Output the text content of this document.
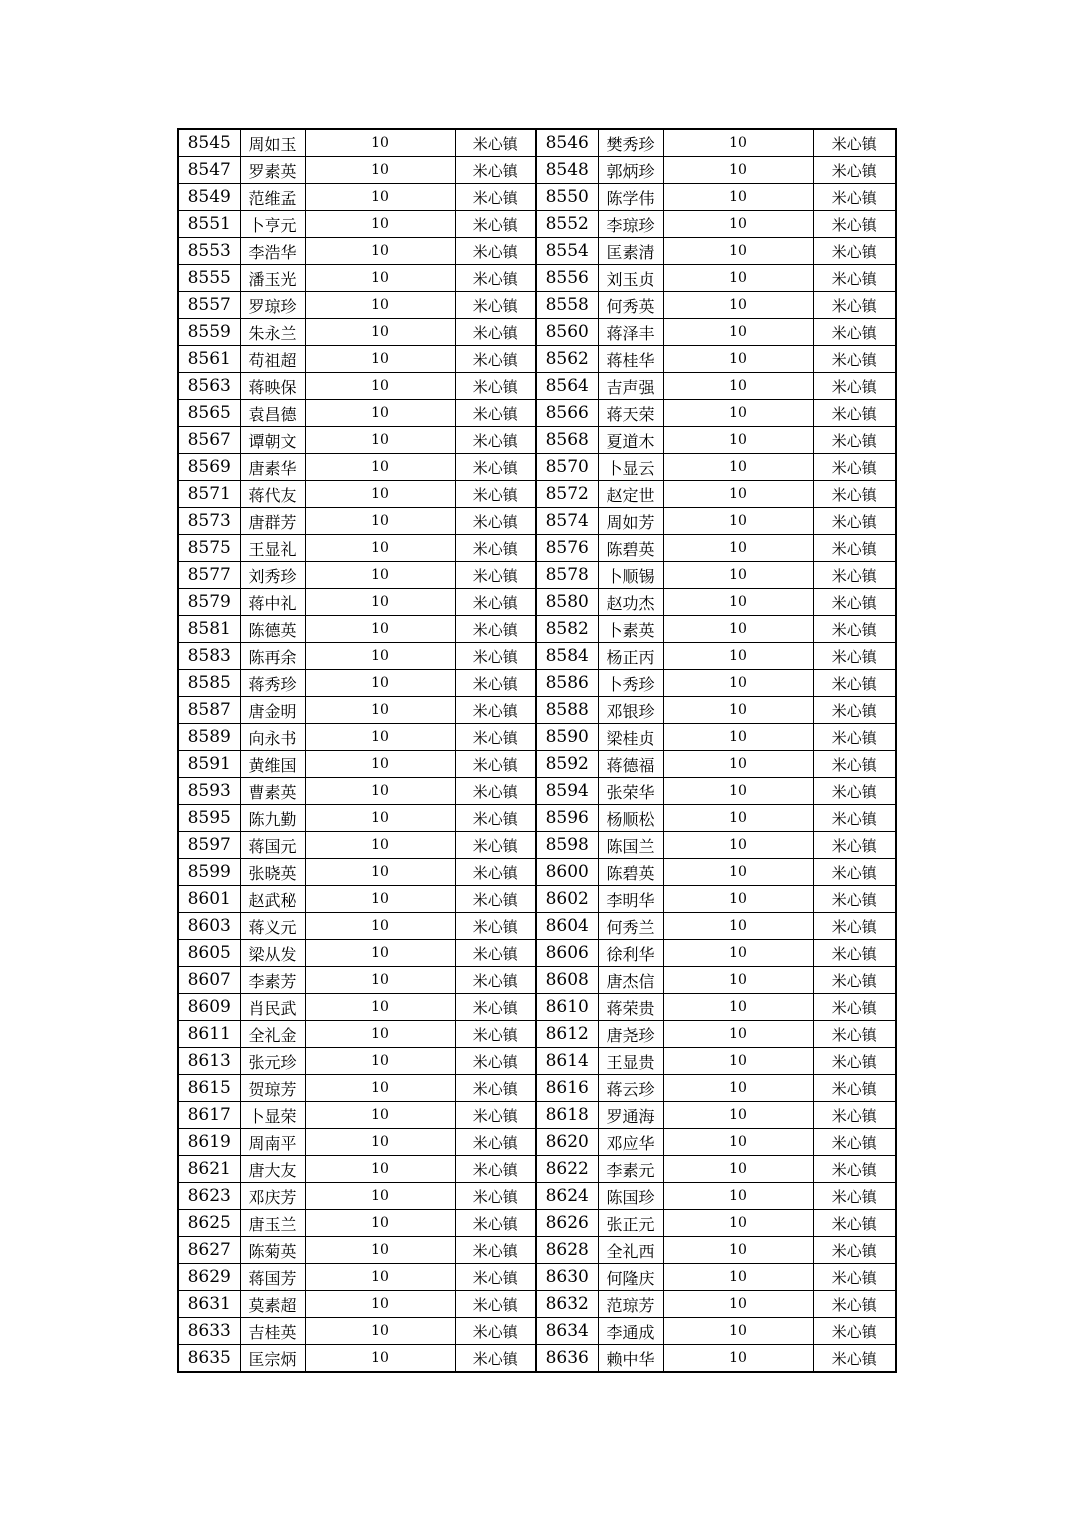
8545	周如玉	10	米心镇	8546	樊秀珍	10	米心镇
8547	罗素英	10	米心镇	8548	郭炳珍	10	米心镇
8549	范维孟	10	米心镇	8550	陈学伟	10	米心镇
8551	卜亨元	10	米心镇	8552	李琼珍	10	米心镇
8553	李浩华	10	米心镇	8554	匡素清	10	米心镇
8555	潘玉光	10	米心镇	8556	刘玉贞	10	米心镇
8557	罗琼珍	10	米心镇	8558	何秀英	10	米心镇
8559	朱永兰	10	米心镇	8560	蒋泽丰	10	米心镇
8561	苟祖超	10	米心镇	8562	蒋桂华	10	米心镇
8563	蒋映保	10	米心镇	8564	吉声强	10	米心镇
8565	袁昌德	10	米心镇	8566	蒋天荣	10	米心镇
8567	谭朝文	10	米心镇	8568	夏道木	10	米心镇
8569	唐素华	10	米心镇	8570	卜显云	10	米心镇
8571	蒋代友	10	米心镇	8572	赵定世	10	米心镇
8573	唐群芳	10	米心镇	8574	周如芳	10	米心镇
8575	王显礼	10	米心镇	8576	陈碧英	10	米心镇
8577	刘秀珍	10	米心镇	8578	卜顺锡	10	米心镇
8579	蒋中礼	10	米心镇	8580	赵功杰	10	米心镇
8581	陈德英	10	米心镇	8582	卜素英	10	米心镇
8583	陈再余	10	米心镇	8584	杨正丙	10	米心镇
8585	蒋秀珍	10	米心镇	8586	卜秀珍	10	米心镇
8587	唐金明	10	米心镇	8588	邓银珍	10	米心镇
8589	向永书	10	米心镇	8590	梁桂贞	10	米心镇
8591	黄维国	10	米心镇	8592	蒋德福	10	米心镇
8593	曹素英	10	米心镇	8594	张荣华	10	米心镇
8595	陈九勤	10	米心镇	8596	杨顺松	10	米心镇
8597	蒋国元	10	米心镇	8598	陈国兰	10	米心镇
8599	张晓英	10	米心镇	8600	陈碧英	10	米心镇
8601	赵武秘	10	米心镇	8602	李明华	10	米心镇
8603	蒋义元	10	米心镇	8604	何秀兰	10	米心镇
8605	梁从发	10	米心镇	8606	徐利华	10	米心镇
8607	李素芳	10	米心镇	8608	唐杰信	10	米心镇
8609	肖民武	10	米心镇	8610	蒋荣贵	10	米心镇
8611	全礼金	10	米心镇	8612	唐尧珍	10	米心镇
8613	张元珍	10	米心镇	8614	王显贵	10	米心镇
8615	贺琼芳	10	米心镇	8616	蒋云珍	10	米心镇
8617	卜显荣	10	米心镇	8618	罗通海	10	米心镇
8619	周南平	10	米心镇	8620	邓应华	10	米心镇
8621	唐大友	10	米心镇	8622	李素元	10	米心镇
8623	邓庆芳	10	米心镇	8624	陈国珍	10	米心镇
8625	唐玉兰	10	米心镇	8626	张正元	10	米心镇
8627	陈菊英	10	米心镇	8628	全礼西	10	米心镇
8629	蒋国芳	10	米心镇	8630	何隆庆	10	米心镇
8631	莫素超	10	米心镇	8632	范琼芳	10	米心镇
8633	吉桂英	10	米心镇	8634	李通成	10	米心镇
8635	匡宗炳	10	米心镇	8636	赖中华	10	米心镇
